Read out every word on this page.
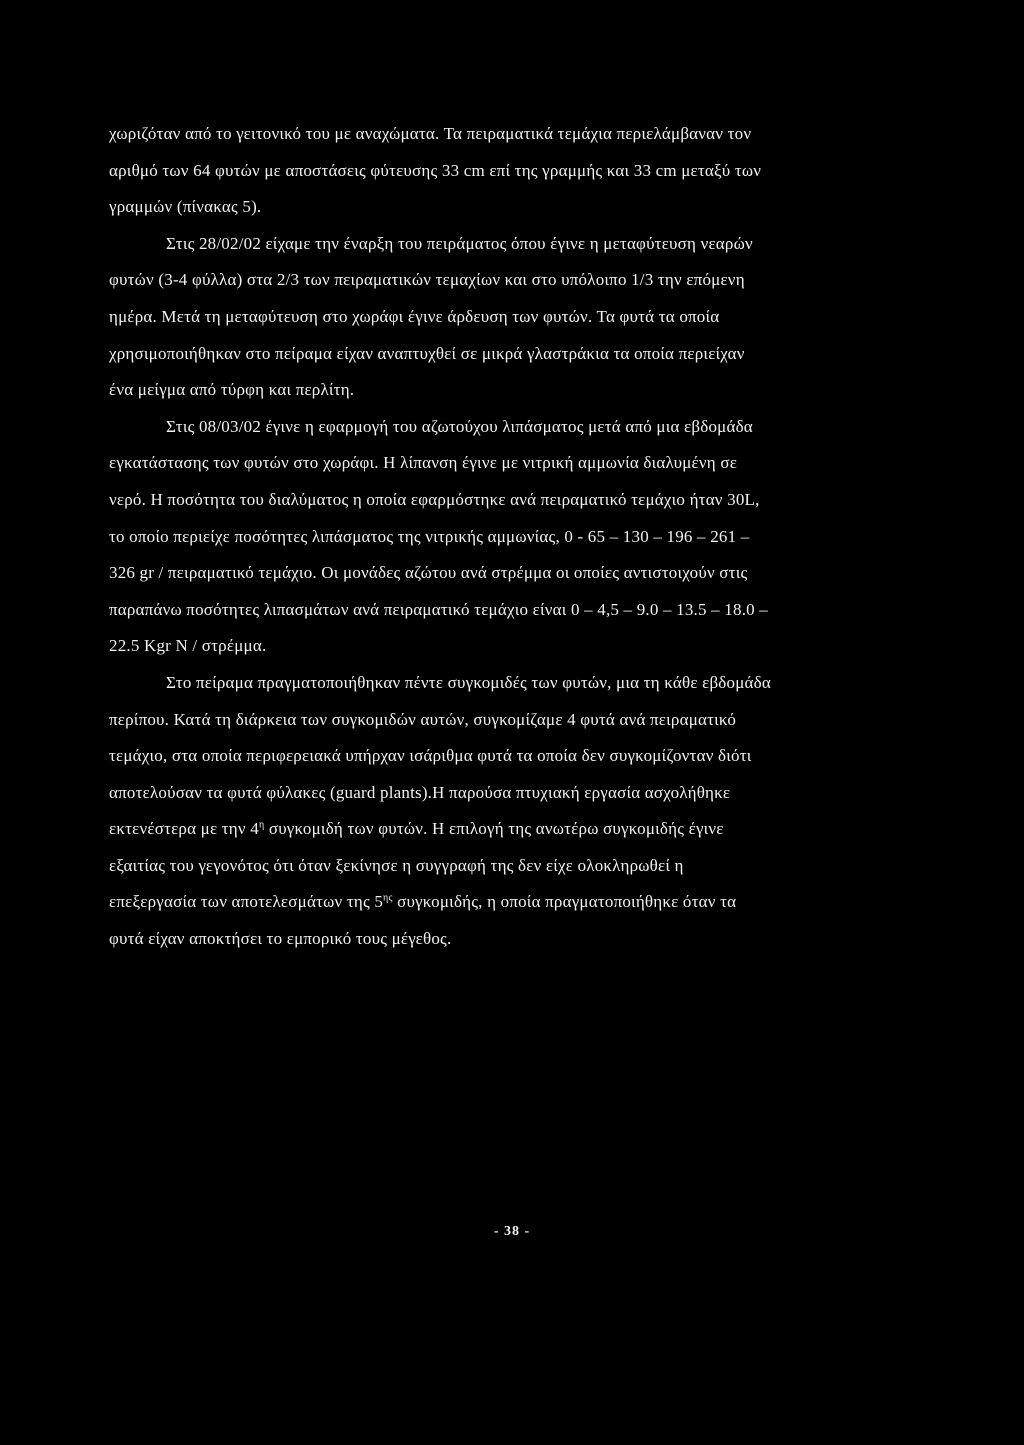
χωριζόταν από το γειτονικό του με αναχώματα. Τα πειραματικά τεμάχια περιελάμβαναν τον
αριθμό των 64 φυτών με αποστάσεις φύτευσης 33 cm επί της γραμμής και 33 cm μεταξύ των
γραμμών (πίνακας 5).
Στις 28/02/02 είχαμε την έναρξη του πειράματος όπου έγινε η μεταφύτευση νεαρών
φυτών (3-4 φύλλα) στα 2/3 των πειραματικών τεμαχίων και στο υπόλοιπο 1/3 την επόμενη
ημέρα. Μετά τη μεταφύτευση στο χωράφι έγινε άρδευση των φυτών. Τα φυτά τα οποία
χρησιμοποιήθηκαν στο πείραμα είχαν αναπτυχθεί σε μικρά γλαστράκια τα οποία περιείχαν
ένα μείγμα από τύρφη και περλίτη.
Στις 08/03/02 έγινε η εφαρμογή του αζωτούχου λιπάσματος μετά από μια εβδομάδα
εγκατάστασης των φυτών στο χωράφι. Η λίπανση έγινε με νιτρική αμμωνία διαλυμένη σε
νερό. Η ποσότητα του διαλύματος η οποία εφαρμόστηκε ανά πειραματικό τεμάχιο ήταν 30L,
το οποίο περιείχε ποσότητες λιπάσματος της νιτρικής αμμωνίας, 0 - 65 – 130 – 196 – 261 –
326 gr / πειραματικό τεμάχιο. Οι μονάδες αζώτου ανά στρέμμα οι οποίες αντιστοιχούν στις
παραπάνω ποσότητες λιπασμάτων ανά πειραματικό τεμάχιο είναι 0 – 4,5 – 9.0 – 13.5 – 18.0 –
22.5 Kgr N / στρέμμα.
Στο πείραμα πραγματοποιήθηκαν πέντε συγκομιδές των φυτών, μια τη κάθε εβδομάδα
περίπου. Κατά τη διάρκεια των συγκομιδών αυτών, συγκομίζαμε 4 φυτά ανά πειραματικό
τεμάχιο, στα οποία περιφερειακά υπήρχαν ισάριθμα φυτά τα οποία δεν συγκομίζονταν διότι
αποτελούσαν τα φυτά φύλακες (guard plants).Η παρούσα πτυχιακή εργασία ασχολήθηκε
εκτενέστερα με την $4^\eta$ συγκομιδή των φυτών. Η επιλογή της ανωτέρω συγκομιδής έγινε
εξαιτίας του γεγονότος ότι όταν ξεκίνησε η συγγραφή της δεν είχε ολοκληρωθεί η
επεξεργασία των αποτελεσμάτων της $5^{\eta\varsigma}$ συγκομιδής, η οποία πραγματοποιήθηκε όταν τα
φυτά είχαν αποκτήσει το εμπορικό τους μέγεθος.
- 38 -
